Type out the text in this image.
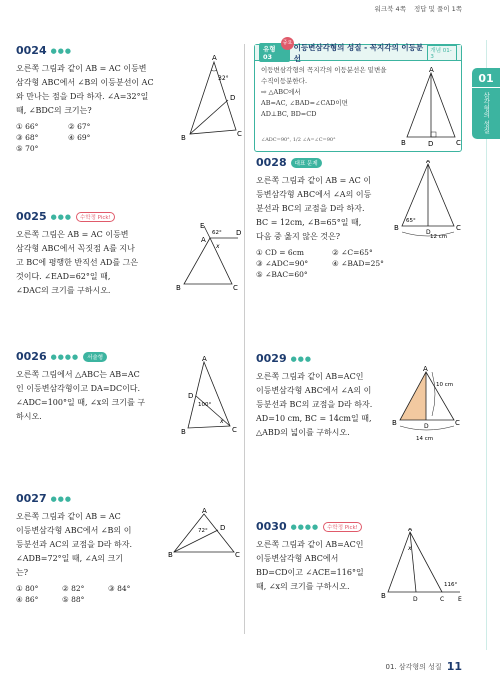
워크북 4쪽 정답 및 풀이 1쪽
01
삼각형의 성질
0024 ●●●
오른쪽 그림과 같이 AB = AC 이등변
삼각형 ABC에서 ∠B의 이등분선이 AC
와 만나는 점을 D라 하자. ∠A=32°일
때, ∠BDC의 크기는?
① 66°	② 67°
③ 68°	④ 69°
⑤ 70°
A
B	C
D
32°
0025 ●●●	수학정 Pick!
오른쪽 그림은 AB = AC 이등변
삼각형 ABC에서 꼭짓점 A를 지나
고 BC에 평행한 반직선 AD를 그은
것이다. ∠EAD=62°일 때,
∠DAC의 크기를 구하시오.
E
A
D
62°
x
B	C
0026 ●●●●	서술형
오른쪽 그림에서 △ABC는 AB=AC
인 이등변삼각형이고 DA=DC이다.
∠ADC=100°일 때, ∠x의 크기를 구
하시오.
A
B	C
D
100°
x
0027 ●●●
오른쪽 그림과 같이 AB = AC
이등변삼각형 ABC에서 ∠B의 이
등분선과 AC의 교점을 D라 하자.
∠ADB=72°일 때, ∠A의 크기
는?
① 80°	② 82°	③ 84°
④ 86°	⑤ 88°
A
B	C
D
72°
중요
유형 03
이등변삼각형의 성질 - 꼭지각의 이등분선
개념 01-3
이등변삼각형의 꼭지각의 이등분선은 밑변을 수직이등분한다.
⇨ △ABC에서
AB=AC, ∠BAD=∠CAD이면
AD⊥BC, BD=CD
∠ADC=90°, 1/2 ∠A=∠C=90°
A
B	C
D
0028	대표 문제
오른쪽 그림과 같이 AB = AC 이
등변삼각형 ABC에서 ∠A의 이등
분선과 BC의 교점을 D라 하자.
BC = 12cm, ∠B=65°일 때,
다음 중 옳지 않은 것은?
① CD = 6cm	② ∠C=65°
③ ∠ADC=90°	④ ∠BAD=25°
⑤ ∠BAC=60°
A
B	C
D
65°
12 cm
0029 ●●●
오른쪽 그림과 같이 AB=AC인
이등변삼각형 ABC에서 ∠A의 이
등분선과 BC의 교점을 D라 하자.
AD=10 cm, BC = 14cm일 때,
△ABD의 넓이를 구하시오.
A
B	C
D
10 cm
14 cm
0030 ●●●●	수학정 Pick!
오른쪽 그림과 같이 AB=AC인
이등변삼각형 ABC에서
BD=CD이고 ∠ACE=116°일
때, ∠x의 크기를 구하시오.
A
B	D	C E
116°
x
01. 삼각형의 성질 11
